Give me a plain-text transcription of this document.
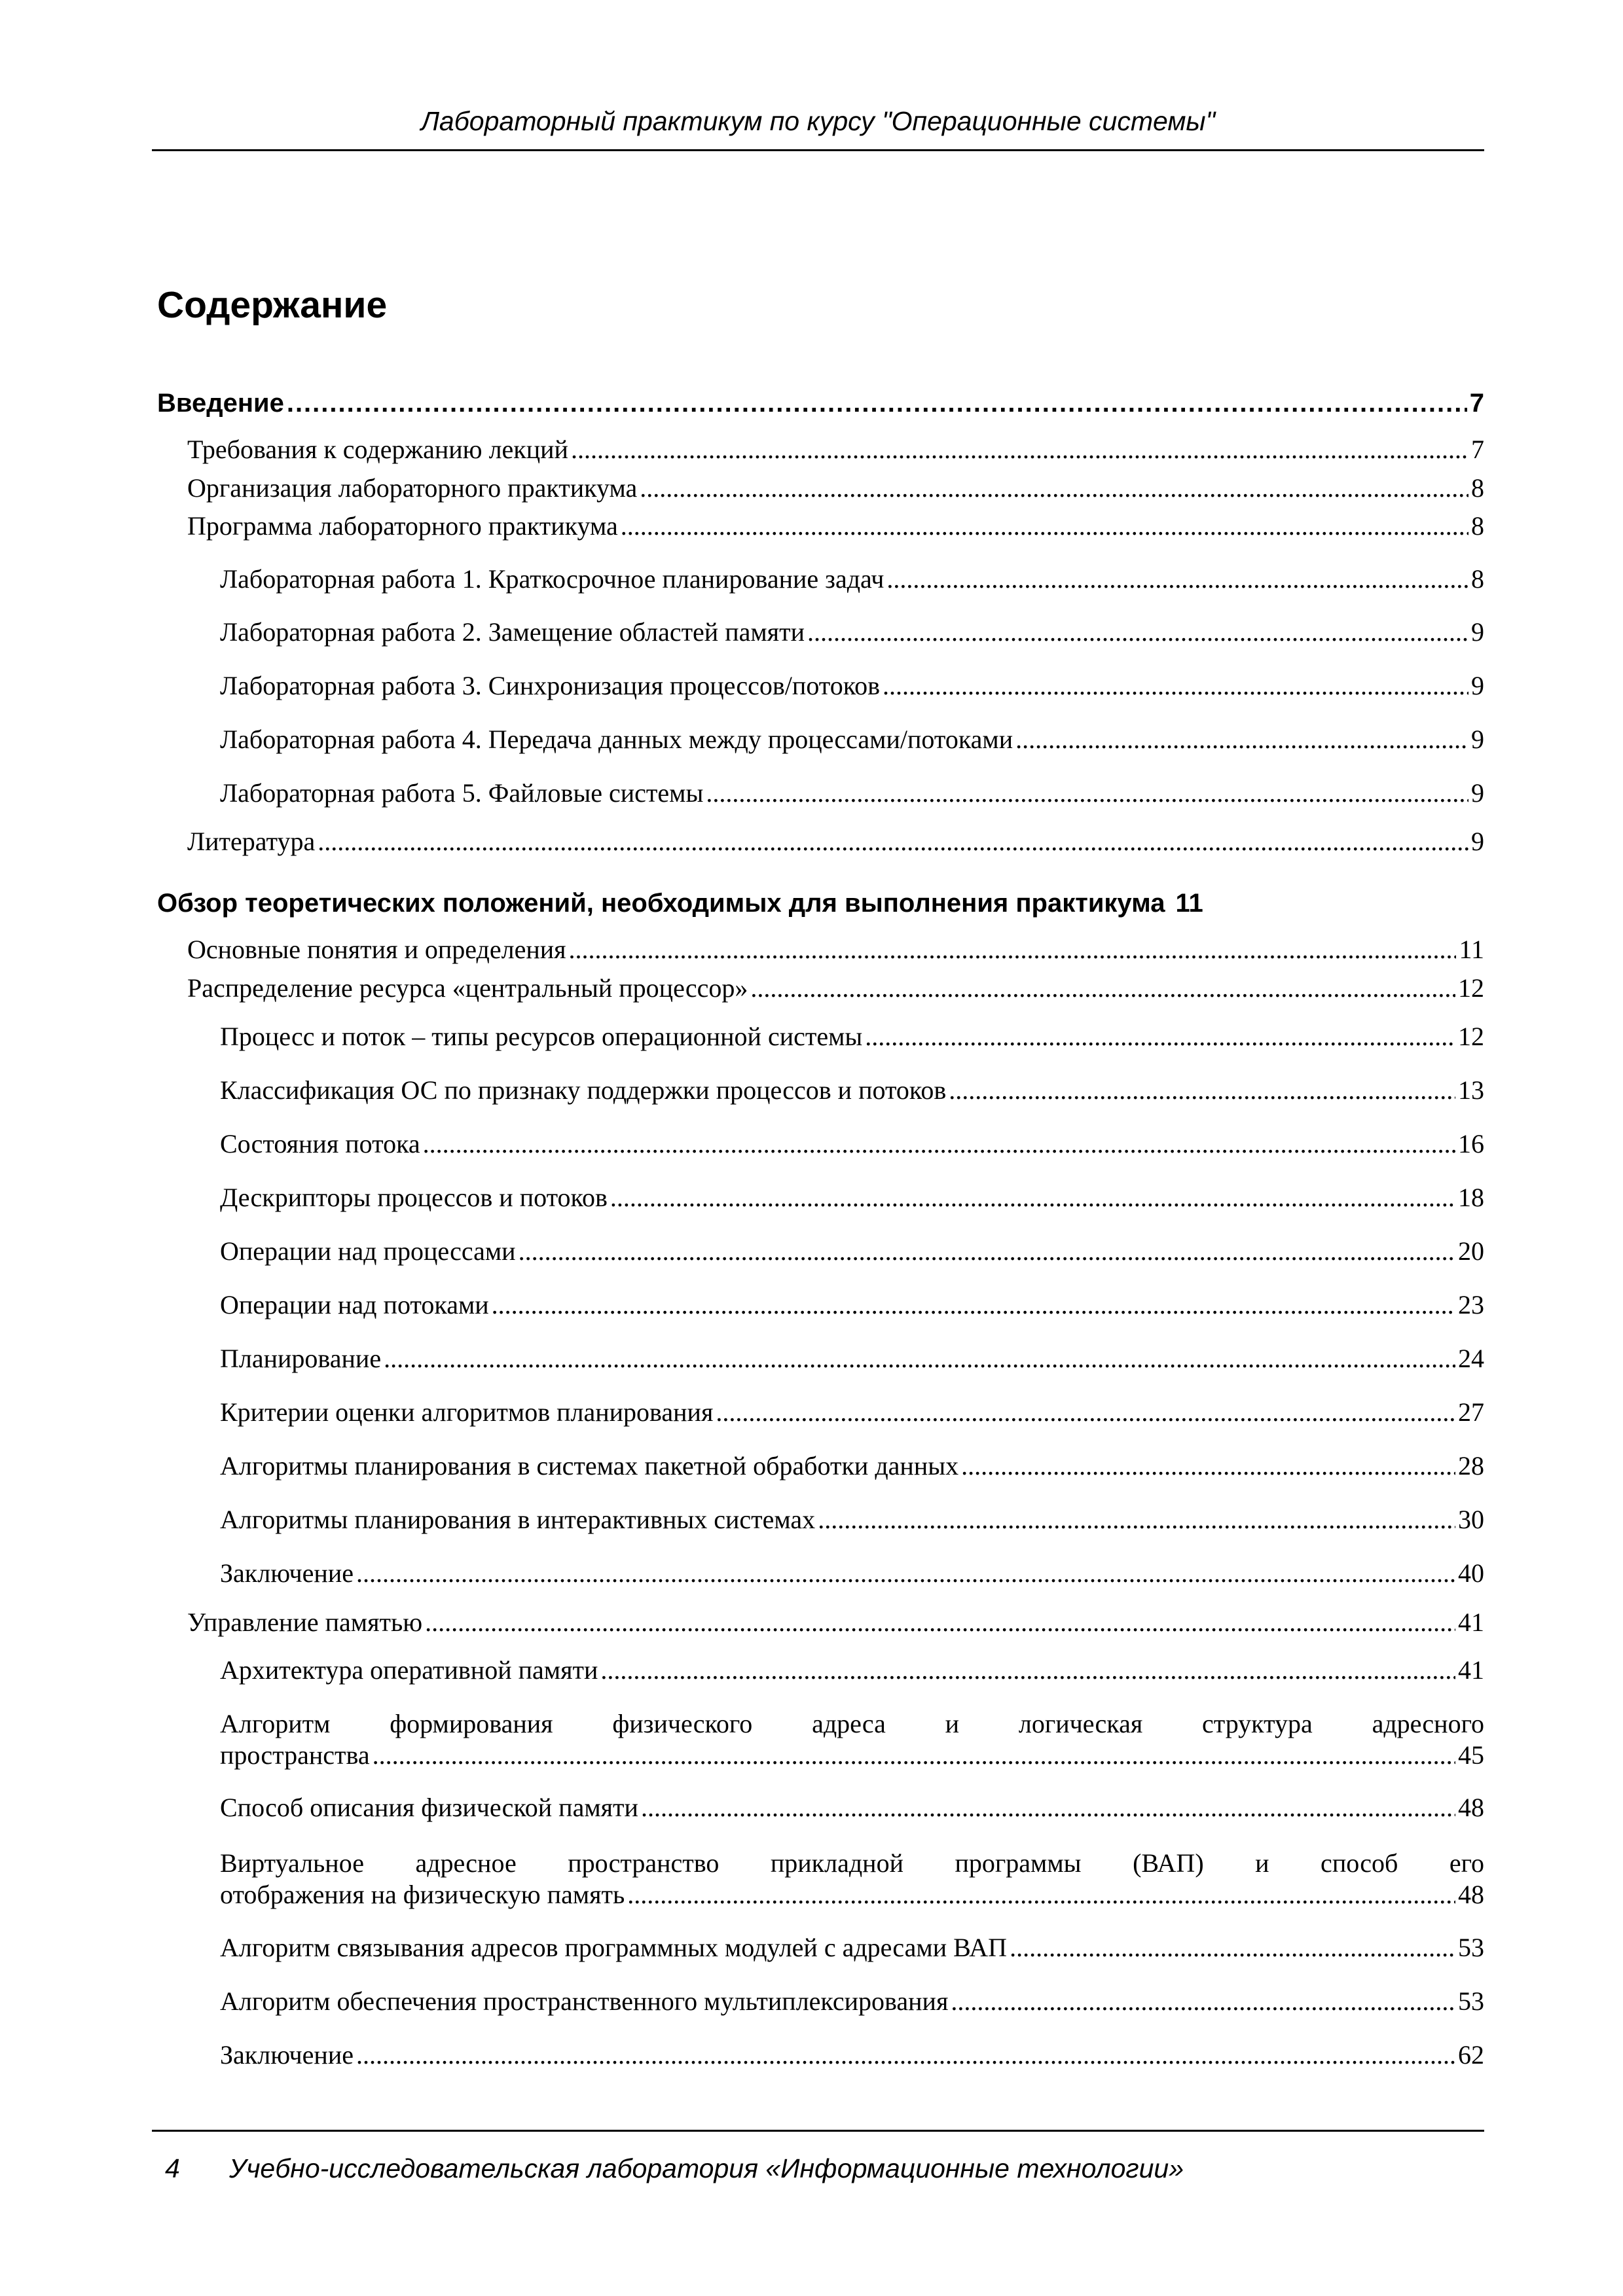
Лабораторный практикум по курсу "Операционные системы"
Содержание
Введение .....	7
Требования к содержанию лекций .....	7
Организация лабораторного практикума .....	8
Программа лабораторного практикума .....	8
Лабораторная работа 1. Краткосрочное планирование задач .....	8
Лабораторная работа 2. Замещение областей памяти .....	9
Лабораторная работа 3. Синхронизация процессов/потоков .....	9
Лабораторная работа 4. Передача данных между процессами/потоками .....	9
Лабораторная работа 5. Файловые системы .....	9
Литература .....	9
Обзор теоретических положений, необходимых для выполнения практикума 11
Основные понятия и определения .....	11
Распределение ресурса «центральный процессор» .....	12
Процесс и поток – типы ресурсов операционной системы .....	12
Классификация ОС по признаку поддержки процессов и потоков .....	13
Состояния потока .....	16
Дескрипторы процессов и потоков .....	18
Операции над процессами .....	20
Операции над потоками .....	23
Планирование .....	24
Критерии оценки алгоритмов планирования .....	27
Алгоритмы планирования в системах пакетной обработки данных .....	28
Алгоритмы планирования в интерактивных системах .....	30
Заключение .....	40
Управление памятью .....	41
Архитектура оперативной памяти .....	41
Алгоритм формирования физического адреса и логическая структура адресного
пространства .....	45
Способ описания физической памяти .....	48
Виртуальное адресное пространство прикладной программы (ВАП) и способ его
отображения на физическую память .....	48
Алгоритм связывания адресов программных модулей с адресами ВАП .....	53
Алгоритм обеспечения пространственного мультиплексирования .....	53
Заключение .....	62
4 Учебно-исследовательская лаборатория «Информационные технологии»
